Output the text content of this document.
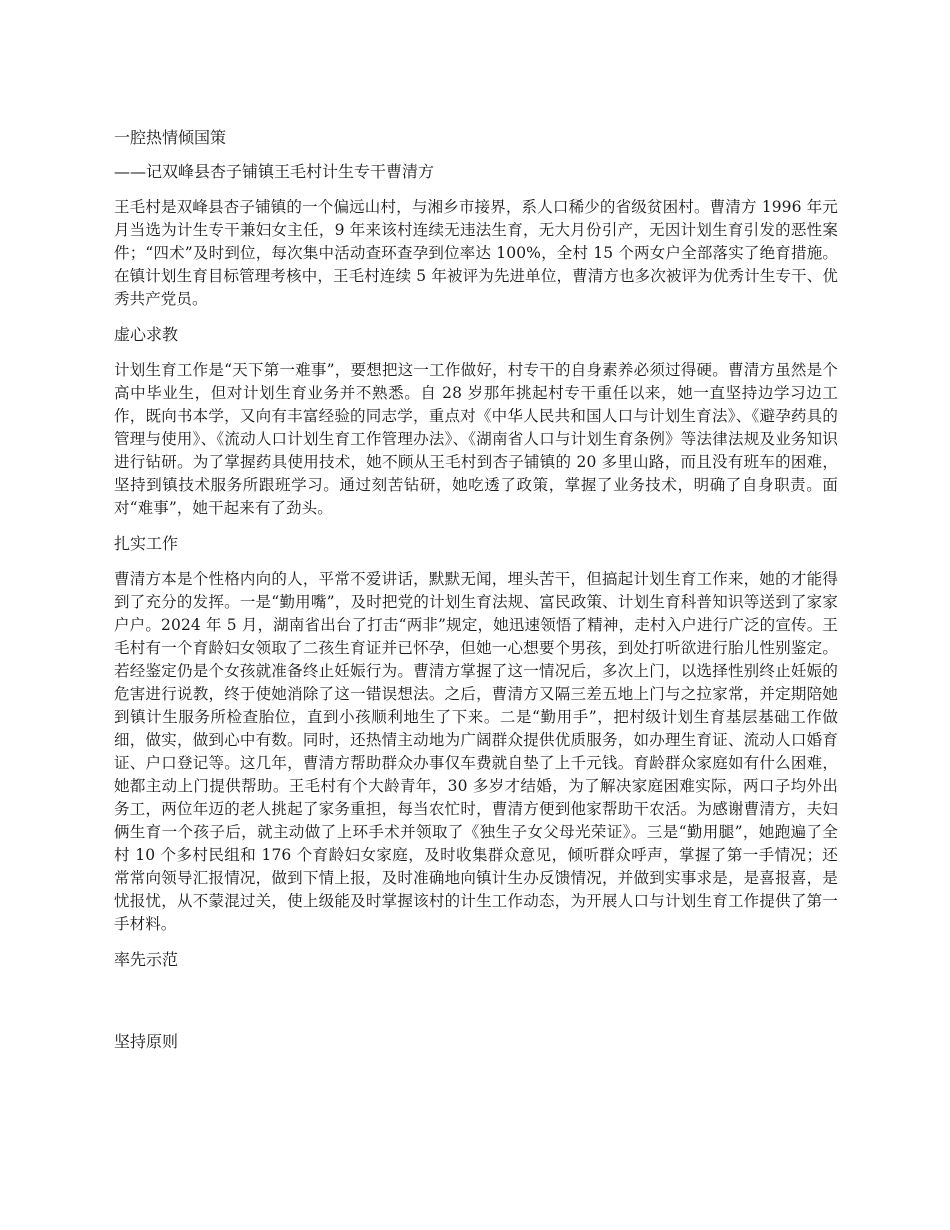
一腔热情倾国策

——记双峰县杏子铺镇王毛村计生专干曹清方

王毛村是双峰县杏子铺镇的一个偏远山村，与湘乡市接界，系人口稀少的省级贫困村。曹清方 1996 年元月当选为计生专干兼妇女主任，9 年来该村连续无违法生育，无大月份引产，无因计划生育引发的恶性案件；“四术”及时到位，每次集中活动查环查孕到位率达 100%，全村 15 个两女户全部落实了绝育措施。在镇计划生育目标管理考核中，王毛村连续 5 年被评为先进单位，曹清方也多次被评为优秀计生专干、优秀共产党员。

虚心求教

计划生育工作是“天下第一难事”，要想把这一工作做好，村专干的自身素养必须过得硬。曹清方虽然是个高中毕业生，但对计划生育业务并不熟悉。自 28 岁那年挑起村专干重任以来，她一直坚持边学习边工作，既向书本学，又向有丰富经验的同志学，重点对《中华人民共和国人口与计划生育法》、《避孕药具的管理与使用》、《流动人口计划生育工作管理办法》、《湖南省人口与计划生育条例》等法律法规及业务知识进行钻研。为了掌握药具使用技术，她不顾从王毛村到杏子铺镇的 20 多里山路，而且没有班车的困难，坚持到镇技术服务所跟班学习。通过刻苦钻研，她吃透了政策，掌握了业务技术，明确了自身职责。面对“难事”，她干起来有了劲头。

扎实工作

曹清方本是个性格内向的人，平常不爱讲话，默默无闻，埋头苦干，但搞起计划生育工作来，她的才能得到了充分的发挥。一是“勤用嘴”，及时把党的计划生育法规、富民政策、计划生育科普知识等送到了家家户户。2024 年 5 月，湖南省出台了打击“两非”规定，她迅速领悟了精神，走村入户进行广泛的宣传。王毛村有一个育龄妇女领取了二孩生育证并已怀孕，但她一心想要个男孩，到处打听欲进行胎儿性别鉴定。若经鉴定仍是个女孩就准备终止妊娠行为。曹清方掌握了这一情况后，多次上门，以选择性别终止妊娠的危害进行说教，终于使她消除了这一错误想法。之后，曹清方又隔三差五地上门与之拉家常，并定期陪她到镇计生服务所检查胎位，直到小孩顺利地生了下来。二是“勤用手”，把村级计划生育基层基础工作做细，做实，做到心中有数。同时，还热情主动地为广阔群众提供优质服务，如办理生育证、流动人口婚育证、户口登记等。这几年，曹清方帮助群众办事仅车费就自垫了上千元钱。育龄群众家庭如有什么困难，她都主动上门提供帮助。王毛村有个大龄青年，30 多岁才结婚，为了解决家庭困难实际，两口子均外出务工，两位年迈的老人挑起了家务重担，每当农忙时，曹清方便到他家帮助干农活。为感谢曹清方，夫妇俩生育一个孩子后，就主动做了上环手术并领取了《独生子女父母光荣证》。三是“勤用腿”，她跑遍了全村 10 个多村民组和 176 个育龄妇女家庭，及时收集群众意见，倾听群众呼声，掌握了第一手情况；还常常向领导汇报情况，做到下情上报，及时准确地向镇计生办反馈情况，并做到实事求是，是喜报喜，是忧报忧，从不蒙混过关，使上级能及时掌握该村的计生工作动态，为开展人口与计划生育工作提供了第一手材料。

率先示范
坚持原则
